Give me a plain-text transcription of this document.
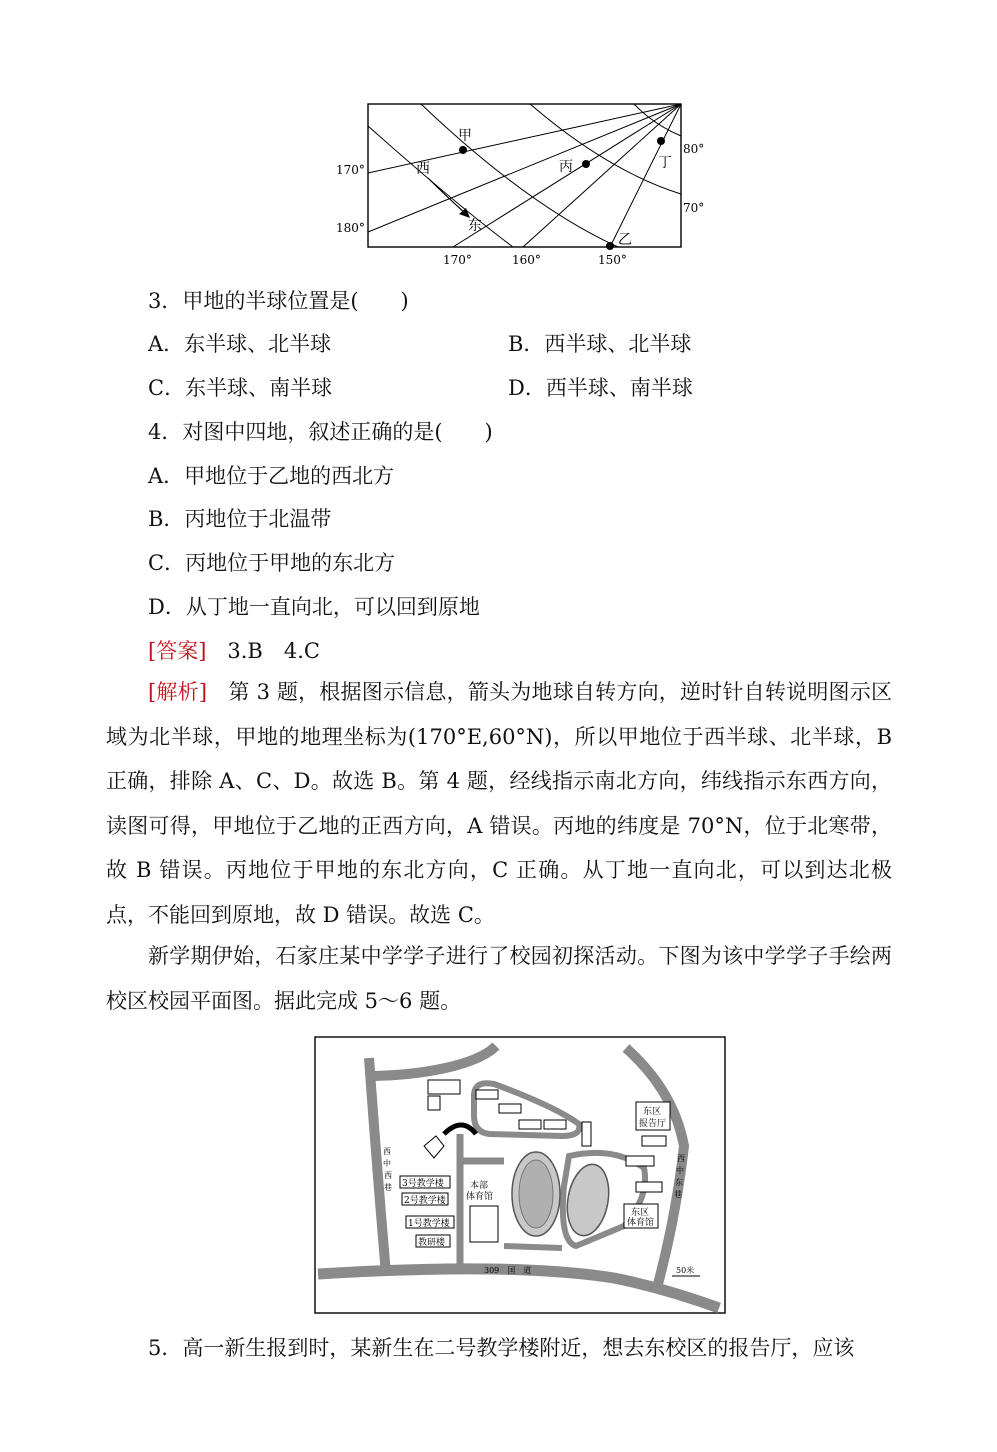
甲
丙	丁
乙
西
东
80°
70°
170°
180°
170°	160°	150°
3．甲地的半球位置是(　　)
A．东半球、北半球	B．西半球、北半球
C．东半球、南半球	D．西半球、南半球
4．对图中四地，叙述正确的是(　　)
A．甲地位于乙地的西北方
B．丙地位于北温带
C．丙地位于甲地的东北方
D．从丁地一直向北，可以回到原地
[答案]　3.B　4.C
[解析]　第 3 题，根据图示信息，箭头为地球自转方向，逆时针自转说明图示区域为北半球，甲地的地理坐标为(170°E,60°N)，所以甲地位于西半球、北半球，B 正确，排除 A、C、D。故选 B。第 4 题，经线指示南北方向，纬线指示东西方向，读图可得，甲地位于乙地的正西方向，A 错误。丙地的纬度是 70°N，位于北寒带，故 B 错误。丙地位于甲地的东北方向，C 正确。从丁地一直向北，可以到达北极点，不能回到原地，故 D 错误。故选 C。
新学期伊始，石家庄某中学学子进行了校园初探活动。下图为该中学学子手绘两校区校园平面图。据此完成 5～6 题。
东区
报告厅
东区
体育馆
本部
体育馆
3号教学楼
2号教学楼
1号教学楼
教研楼
西
中
西
巷
西
中
东
巷
309　国　道	50米
5．高一新生报到时，某新生在二号教学楼附近，想去东校区的报告厅，应该
